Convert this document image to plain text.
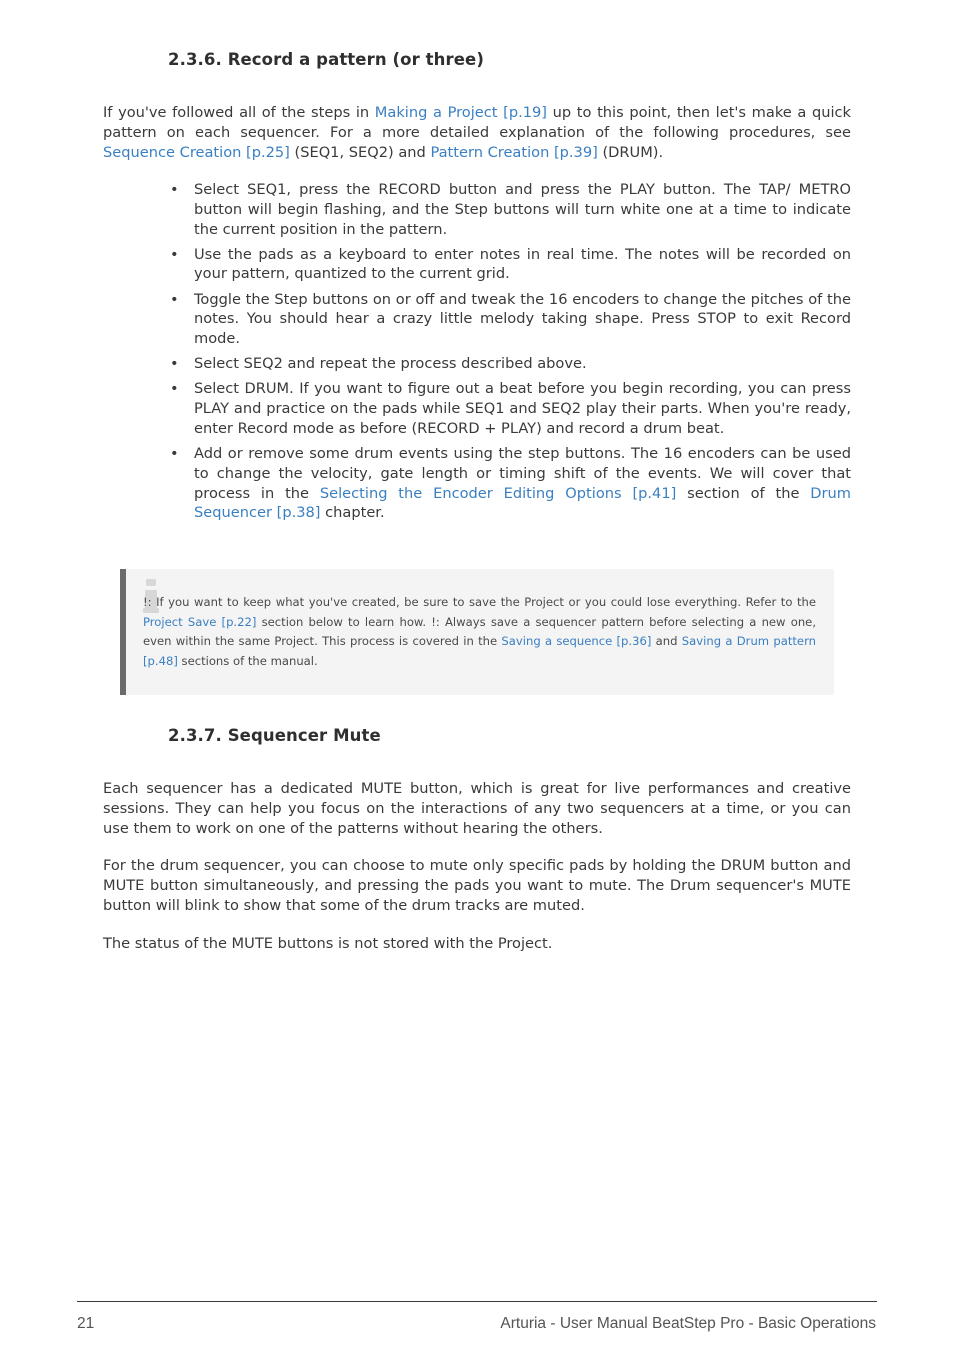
2.3.6. Record a pattern (or three)
If you've followed all of the steps in Making a Project [p.19] up to this point, then let's make a quick pattern on each sequencer. For a more detailed explanation of the following procedures, see Sequence Creation [p.25] (SEQ1, SEQ2) and Pattern Creation [p.39] (DRUM).
• Select SEQ1, press the RECORD button and press the PLAY button. The TAP/ METRO button will begin flashing, and the Step buttons will turn white one at a time to indicate the current position in the pattern.
• Use the pads as a keyboard to enter notes in real time. The notes will be recorded on your pattern, quantized to the current grid.
• Toggle the Step buttons on or off and tweak the 16 encoders to change the pitches of the notes. You should hear a crazy little melody taking shape. Press STOP to exit Record mode.
• Select SEQ2 and repeat the process described above.
• Select DRUM. If you want to figure out a beat before you begin recording, you can press PLAY and practice on the pads while SEQ1 and SEQ2 play their parts. When you're ready, enter Record mode as before (RECORD + PLAY) and record a drum beat.
• Add or remove some drum events using the step buttons. The 16 encoders can be used to change the velocity, gate length or timing shift of the events. We will cover that process in the Selecting the Encoder Editing Options [p.41] section of the Drum Sequencer [p.38] chapter.
!: If you want to keep what you've created, be sure to save the Project or you could lose everything. Refer to the Project Save [p.22] section below to learn how. !: Always save a sequencer pattern before selecting a new one, even within the same Project. This process is covered in the Saving a sequence [p.36] and Saving a Drum pattern [p.48] sections of the manual.
2.3.7. Sequencer Mute
Each sequencer has a dedicated MUTE button, which is great for live performances and creative sessions. They can help you focus on the interactions of any two sequencers at a time, or you can use them to work on one of the patterns without hearing the others.
For the drum sequencer, you can choose to mute only specific pads by holding the DRUM button and MUTE button simultaneously, and pressing the pads you want to mute. The Drum sequencer's MUTE button will blink to show that some of the drum tracks are muted.
The status of the MUTE buttons is not stored with the Project.
21	Arturia - User Manual BeatStep Pro - Basic Operations
